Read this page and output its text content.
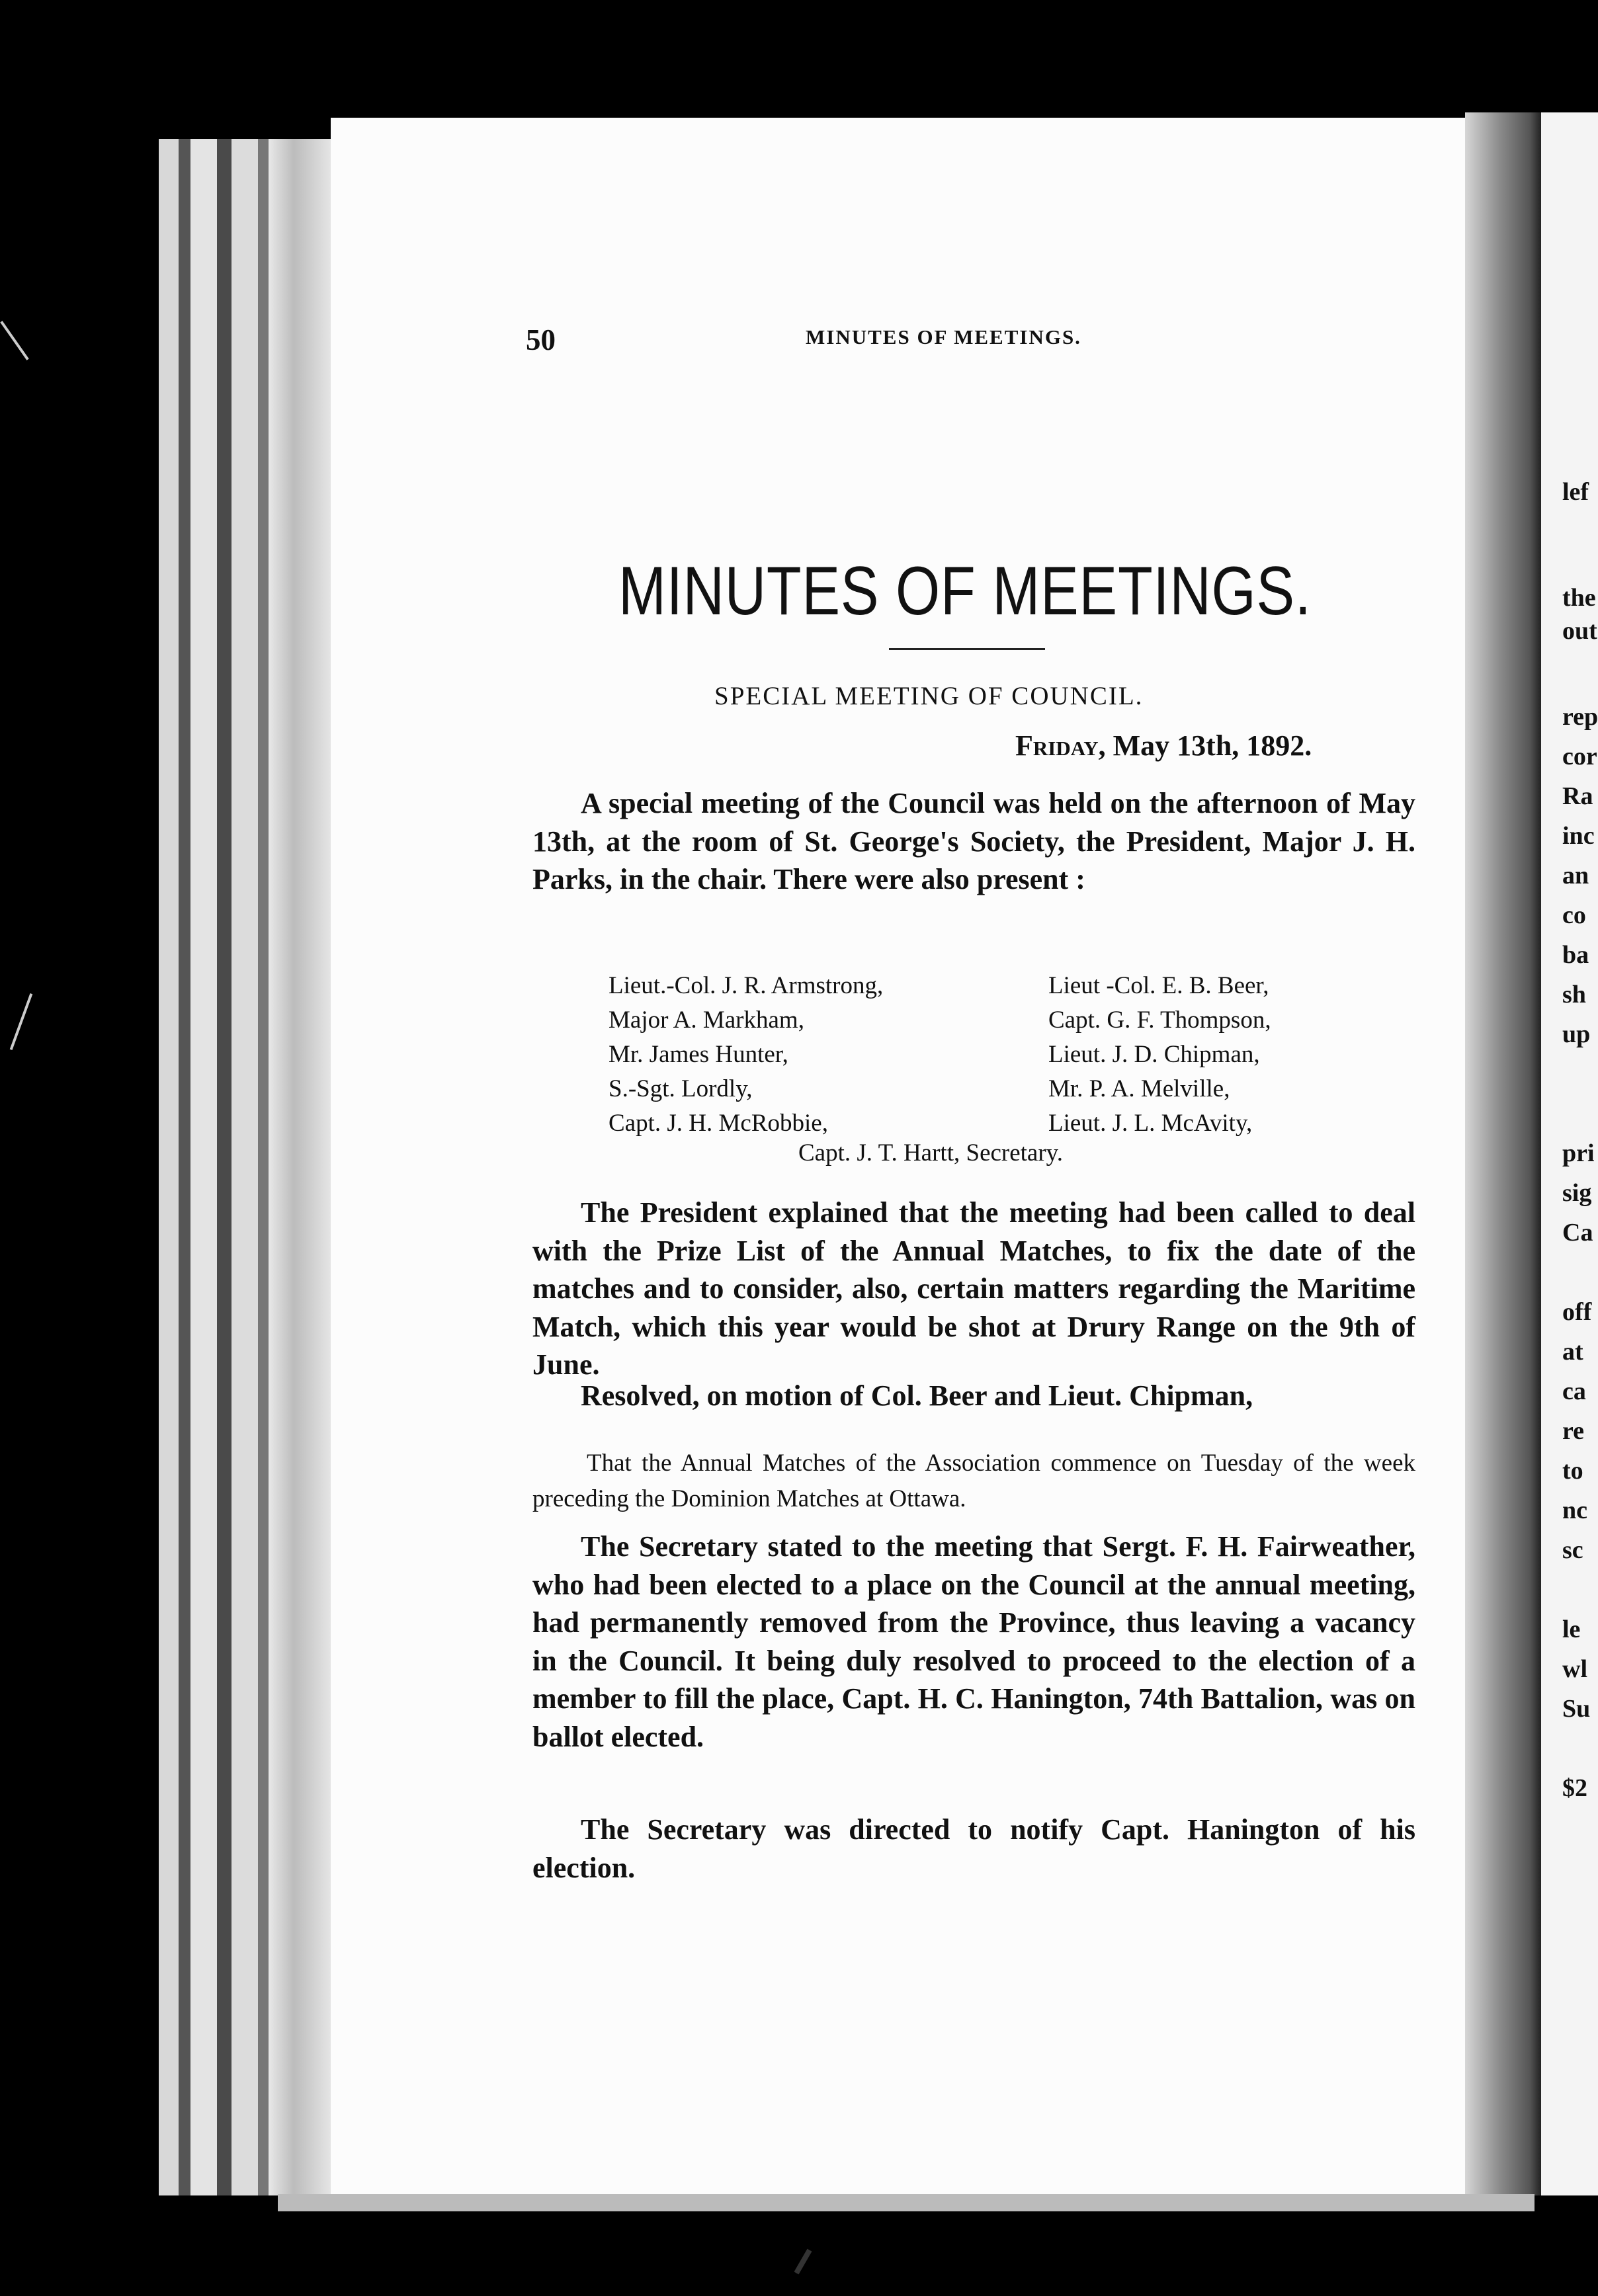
lef
the
out
rep
cor
Ra
inc
an
co
ba
sh
up
pri
sig
Ca
off
at
ca
re
to
nc
sc
le
wl
Su
$2
50	MINUTES OF MEETINGS.
MINUTES OF MEETINGS.
SPECIAL MEETING OF COUNCIL.
Friday, May 13th, 1892.

A special meeting of the Council was held on the afternoon of May 13th, at the room of St. George's Society, the President, Major J. H. Parks, in the chair. There were also present :

Lieut.-Col. J. R. Armstrong,	Lieut -Col. E. B. Beer,
Major A. Markham,	Capt. G. F. Thompson,
Mr. James Hunter,	Lieut. J. D. Chipman,
S.-Sgt. Lordly,	Mr. P. A. Melville,
Capt. J. H. McRobbie,	Lieut. J. L. McAvity,
Capt. J. T. Hartt, Secretary.

The President explained that the meeting had been called to deal with the Prize List of the Annual Matches, to fix the date of the matches and to consider, also, certain matters regarding the Maritime Match, which this year would be shot at Drury Range on the 9th of June.

Resolved, on motion of Col. Beer and Lieut. Chipman,

That the Annual Matches of the Association commence on Tuesday of the week preceding the Dominion Matches at Ottawa.

The Secretary stated to the meeting that Sergt. F. H. Fairweather, who had been elected to a place on the Council at the annual meeting, had permanently removed from the Province, thus leaving a vacancy in the Council. It being duly resolved to proceed to the election of a member to fill the place, Capt. H. C. Hanington, 74th Battalion, was on ballot elected.

The Secretary was directed to notify Capt. Hanington of his election.
